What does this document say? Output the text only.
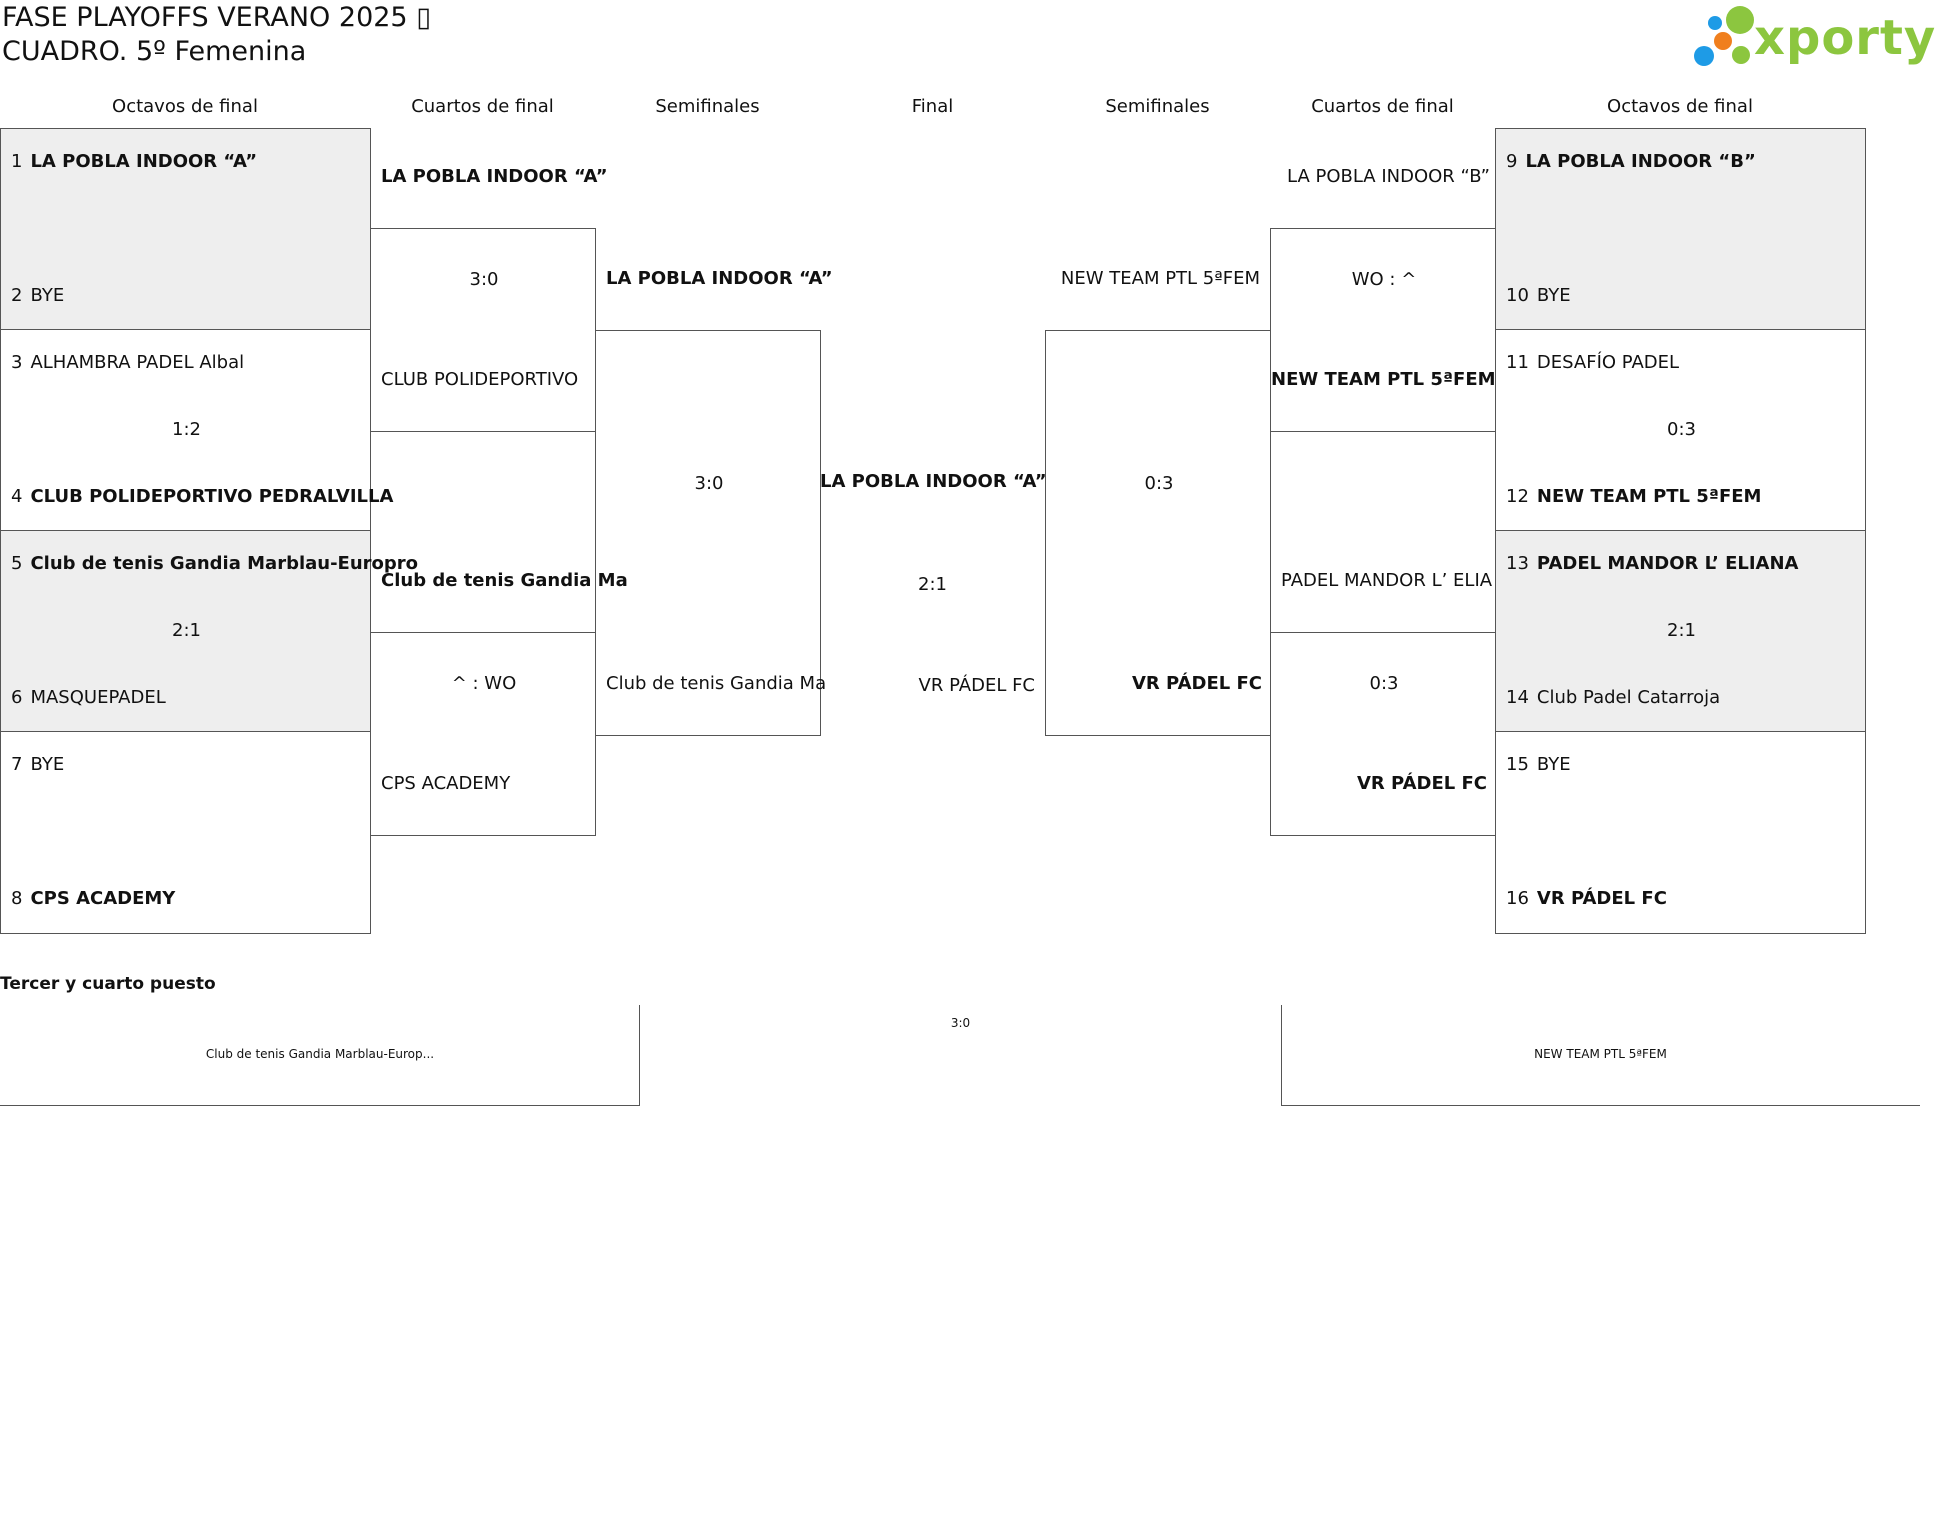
FASE PLAYOFFS VERANO 2025 ▯
CUADRO. 5º Femenina	xporty
Octavos de final	Cuartos de final	Semifinales	Final	Semifinales	Cuartos de final	Octavos de final
1 LA POBLA INDOOR “A”
2 BYE
3 ALHAMBRA PADEL Albal
1:2
4 CLUB POLIDEPORTIVO PEDRALVILLA
5 Club de tenis Gandia Marblau-Europro
2:1
6 MASQUEPADEL
7 BYE
8 CPS ACADEMY
LA POBLA INDOOR “A”
3:0
CLUB POLIDEPORTIVO
Club de tenis Gandia Ma
^ : WO
CPS ACADEMY
LA POBLA INDOOR “A”
3:0
Club de tenis Gandia Ma
LA POBLA INDOOR “A”
2:1
VR PÁDEL FC
NEW TEAM PTL 5ªFEM
0:3
VR PÁDEL FC
LA POBLA INDOOR “B”
WO : ^
NEW TEAM PTL 5ªFEM
PADEL MANDOR L’ ELIA
0:3
VR PÁDEL FC
9 LA POBLA INDOOR “B”
10 BYE
11 DESAFÍO PADEL
0:3
12 NEW TEAM PTL 5ªFEM
13 PADEL MANDOR L’ ELIANA
2:1
14 Club Padel Catarroja
15 BYE
16 VR PÁDEL FC
Tercer y cuarto puesto
Club de tenis Gandia Marblau-Europ...
3:0
NEW TEAM PTL 5ªFEM
